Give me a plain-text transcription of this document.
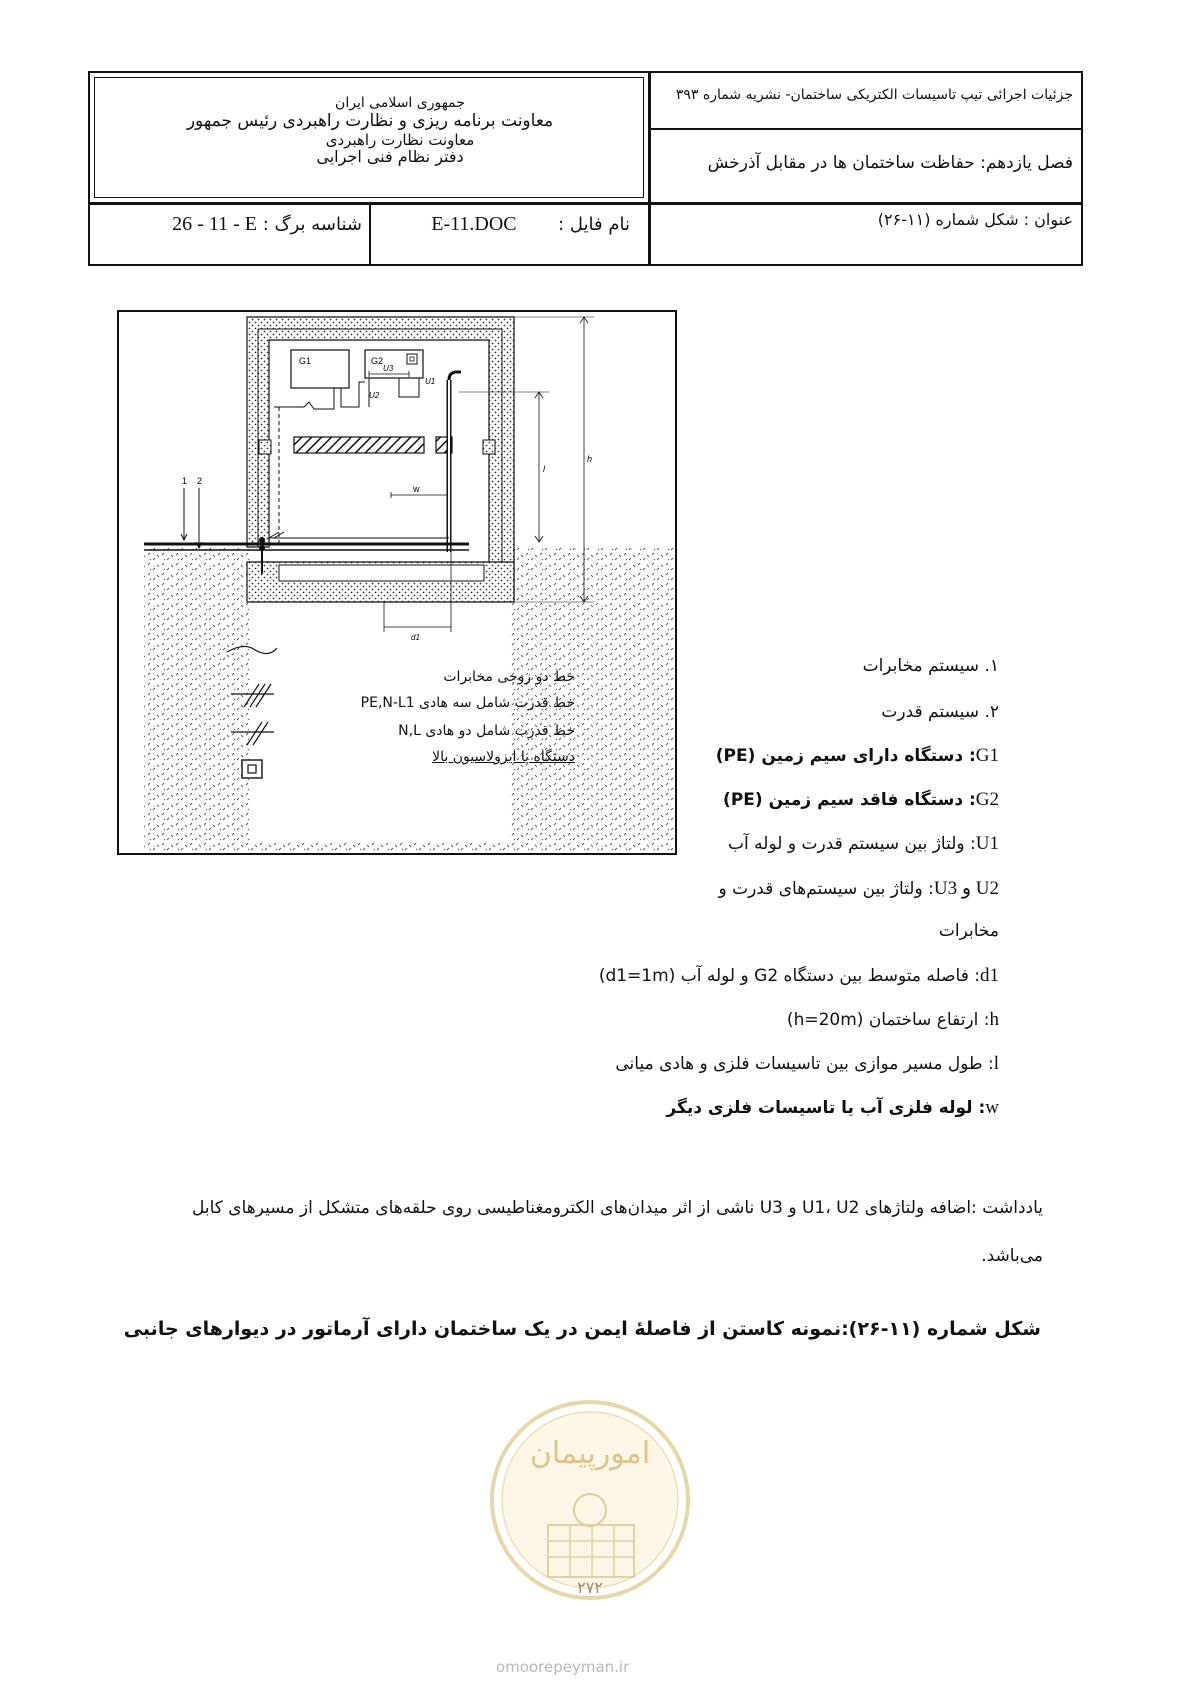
جمهوری اسلامی ایران
معاونت برنامه ریزی و نظارت راهبردی رئیس جمهور
معاونت نظارت راهبردی
دفتر نظام فنی اجرایی
جزئیات اجرائی تیپ تاسیسات الکتریکی ساختمان- نشریه شماره ۳۹۳
فصل یازدهم: حفاظت ساختمان ها در مقابل آذرخش
عنوان : شکل شماره (۱۱-۲۶)
نام فایل :  E-11.DOC
شناسه برگ : 26 - 11 - E
G1	G2
1 2
U3
U2
U1
w
l
h
d1
خط دو زوجی مخابرات
خط قدرت شامل سه هادی PE,N-L1
خط قدرت شامل دو هادی N,L
دستگاه با ایزولاسیون بالا
۱. سیستم مخابرات
۲. سیستم قدرت
G1: دستگاه دارای سیم زمین (PE)
G2: دستگاه فاقد سیم زمین (PE)
U1: ولتاژ بین سیستم قدرت و لوله آب
U2 و U3: ولتاژ بین سیستم‌های قدرت و
مخابرات
d1: فاصله متوسط بین دستگاه G2 و لوله آب (d1=1m)
h: ارتفاع ساختمان (h=20m)
l: طول مسیر موازی بین تاسیسات فلزی و هادی میانی
w: لوله فلزی آب یا تاسیسات فلزی دیگر
یادداشت :اضافه ولتاژهای U1، U2 و U3 ناشی از اثر میدان‌های الکترومغناطیسی روی حلقه‌های متشکل از مسیرهای کابل می‌باشد.
شکل شماره (۱۱-۲۶):نمونه کاستن از فاصلهٔ ایمن در یک ساختمان دارای آرماتور در دیوارهای جانبی
امورپیمان
۲۷۲
omoorepeyman.ir
